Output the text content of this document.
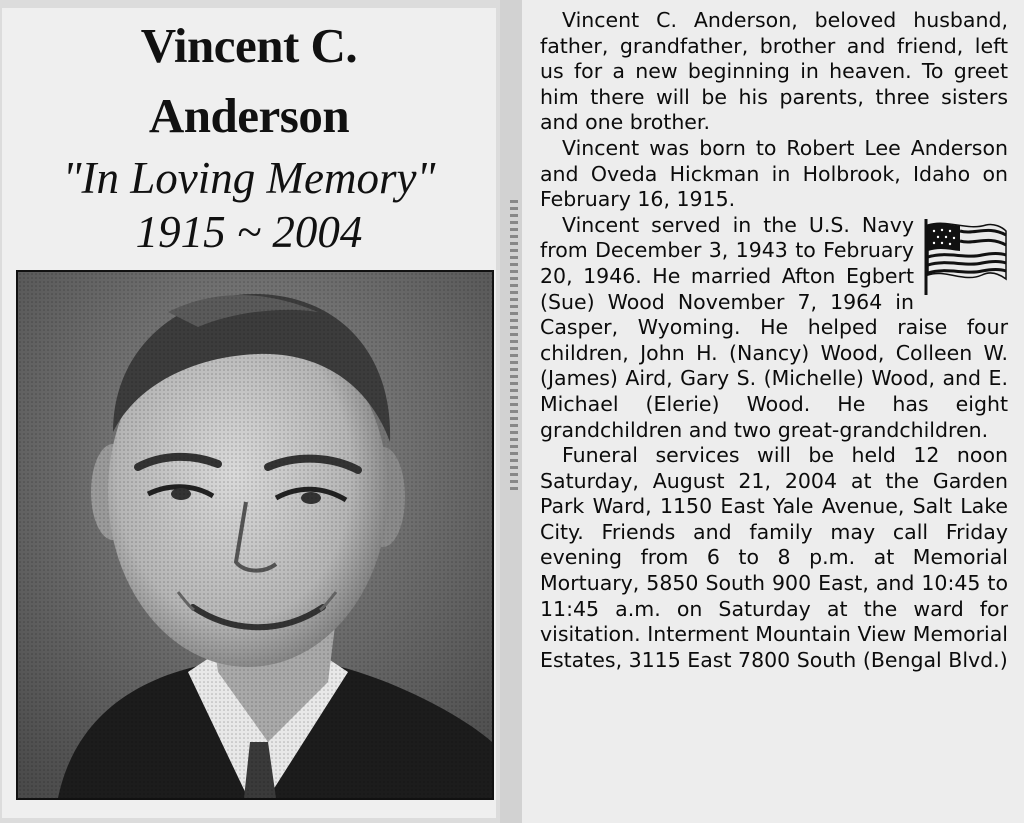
Vincent C.
Anderson
"In Loving Memory"
1915 ~ 2004

Vincent C. Anderson, beloved husband, father, grandfather, brother and friend, left us for a new beginning in heaven. To greet him there will be his parents, three sisters and one brother.

Vincent was born to Robert Lee Anderson and Oveda Hickman in Holbrook, Idaho on February 16, 1915.

Vincent served in the U.S. Navy from December 3, 1943 to February 20, 1946. He married Afton Egbert (Sue) Wood November 7, 1964 in Casper, Wyoming. He helped raise four children, John H. (Nancy) Wood, Colleen W. (James) Aird, Gary S. (Michelle) Wood, and E. Michael (Elerie) Wood. He has eight grandchildren and two great-grandchildren.

Funeral services will be held 12 noon Saturday, August 21, 2004 at the Garden Park Ward, 1150 East Yale Avenue, Salt Lake City. Friends and family may call Friday evening from 6 to 8 p.m. at Memorial Mortuary, 5850 South 900 East, and 10:45 to 11:45 a.m. on Saturday at the ward for visitation. Interment Mountain View Memorial Estates, 3115 East 7800 South (Bengal Blvd.)
